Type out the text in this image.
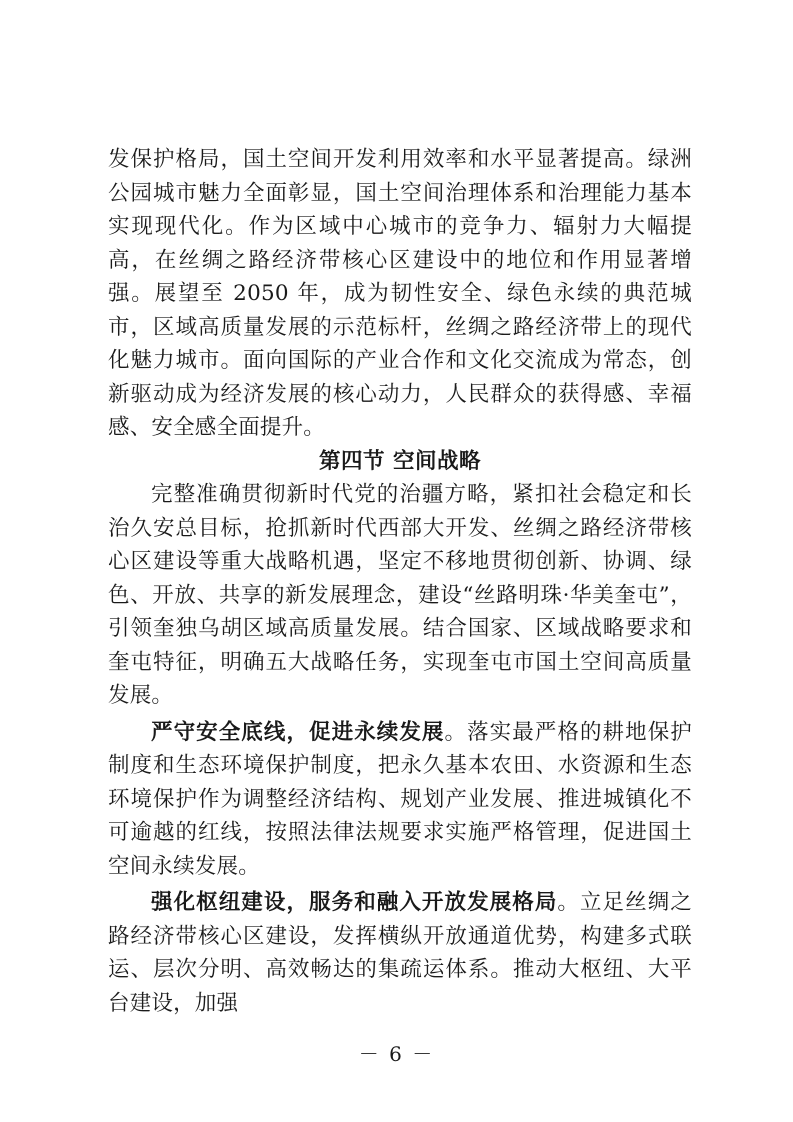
发保护格局，国土空间开发利用效率和水平显著提高。绿洲公园城市魅力全面彰显，国土空间治理体系和治理能力基本实现现代化。作为区域中心城市的竞争力、辐射力大幅提高，在丝绸之路经济带核心区建设中的地位和作用显著增强。展望至 2050 年，成为韧性安全、绿色永续的典范城市，区域高质量发展的示范标杆，丝绸之路经济带上的现代化魅力城市。面向国际的产业合作和文化交流成为常态，创新驱动成为经济发展的核心动力，人民群众的获得感、幸福感、安全感全面提升。

第四节 空间战略

完整准确贯彻新时代党的治疆方略，紧扣社会稳定和长治久安总目标，抢抓新时代西部大开发、丝绸之路经济带核心区建设等重大战略机遇，坚定不移地贯彻创新、协调、绿色、开放、共享的新发展理念，建设“丝路明珠·华美奎屯”，引领奎独乌胡区域高质量发展。结合国家、区域战略要求和奎屯特征，明确五大战略任务，实现奎屯市国土空间高质量发展。

严守安全底线，促进永续发展。落实最严格的耕地保护制度和生态环境保护制度，把永久基本农田、水资源和生态环境保护作为调整经济结构、规划产业发展、推进城镇化不可逾越的红线，按照法律法规要求实施严格管理，促进国土空间永续发展。

强化枢纽建设，服务和融入开放发展格局。立足丝绸之路经济带核心区建设，发挥横纵开放通道优势，构建多式联运、层次分明、高效畅达的集疏运体系。推动大枢纽、大平台建设，加强

－ 6 －
